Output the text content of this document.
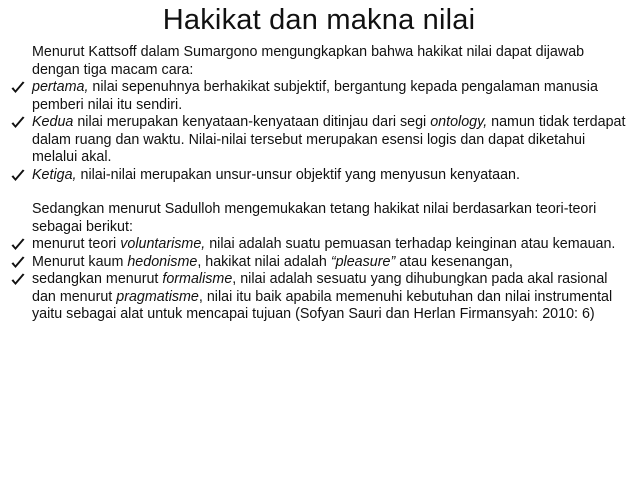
Hakikat dan makna nilai
Menurut Kattsoff dalam Sumargono mengungkapkan bahwa hakikat nilai dapat dijawab dengan tiga macam cara:
pertama, nilai sepenuhnya berhakikat subjektif, bergantung kepada pengalaman manusia pemberi nilai itu sendiri.
Kedua nilai merupakan kenyataan-kenyataan ditinjau dari segi ontology, namun tidak terdapat dalam ruang dan waktu. Nilai-nilai tersebut merupakan esensi logis dan dapat diketahui melalui akal.
Ketiga, nilai-nilai merupakan unsur-unsur objektif yang menyusun kenyataan.
Sedangkan menurut Sadulloh mengemukakan tetang hakikat nilai berdasarkan teori-teori sebagai berikut:
menurut teori voluntarisme, nilai adalah suatu pemuasan terhadap keinginan atau kemauan.
Menurut kaum hedonisme, hakikat nilai adalah “pleasure” atau kesenangan,
sedangkan menurut formalisme, nilai adalah sesuatu yang dihubungkan pada akal rasional dan menurut pragmatisme, nilai itu baik apabila memenuhi kebutuhan dan nilai instrumental yaitu sebagai alat untuk mencapai tujuan (Sofyan Sauri dan Herlan Firmansyah: 2010: 6)
